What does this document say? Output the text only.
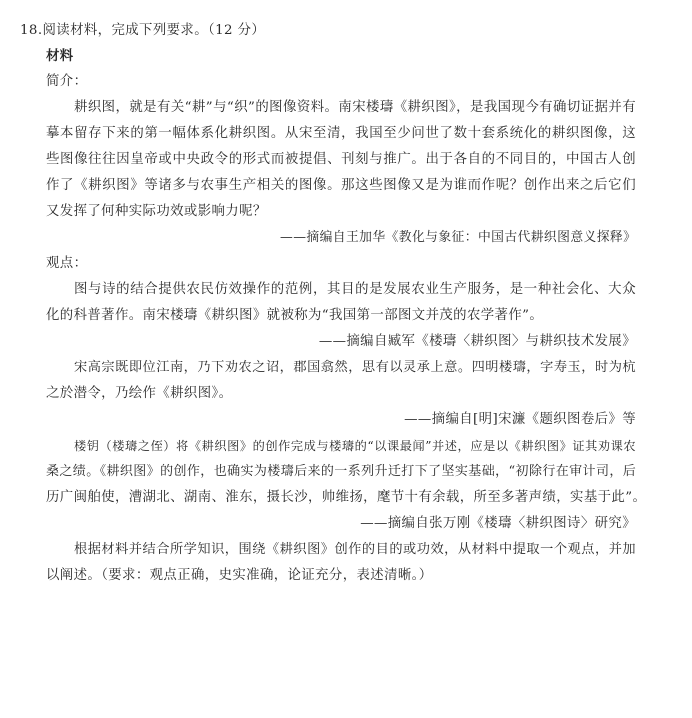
18.阅读材料，完成下列要求。（12 分）
材料
简介：
耕织图，就是有关“耕”与“织”的图像资料。南宋楼璹《耕织图》，是我国现今有确切证据并有
摹本留存下来的第一幅体系化耕织图。从宋至清，我国至少问世了数十套系统化的耕织图像，这
些图像往往因皇帝或中央政令的形式而被提倡、刊刻与推广。出于各自的不同目的，中国古人创
作了《耕织图》等诸多与农事生产相关的图像。那这些图像又是为谁而作呢？创作出来之后它们
又发挥了何种实际功效或影响力呢？
——摘编自王加华《教化与象征：中国古代耕织图意义探释》
观点：
图与诗的结合提供农民仿效操作的范例，其目的是发展农业生产服务，是一种社会化、大众
化的科普著作。南宋楼璹《耕织图》就被称为“我国第一部图文并茂的农学著作”。
——摘编自臧军《楼璹〈耕织图〉与耕织技术发展》
宋高宗既即位江南，乃下劝农之诏，郡国翕然，思有以灵承上意。四明楼璹，字寿玉，时为杭
之於潜令，乃绘作《耕织图》。
——摘编自[明]宋濂《题织图卷后》等
楼钥（楼璹之侄）将《耕织图》的创作完成与楼璹的“以课最闻”并述，应是以《耕织图》证其劝课农
桑之绩。《耕织图》的创作，也确实为楼璹后来的一系列升迁打下了坚实基础，“初除行在审计司，后
历广闽舶使，漕湖北、湖南、淮东，摄长沙，帅维扬，麾节十有余载，所至多著声绩，实基于此”。
——摘编自张万刚《楼璹〈耕织图诗〉研究》
根据材料并结合所学知识，围绕《耕织图》创作的目的或功效，从材料中提取一个观点，并加
以阐述。（要求：观点正确，史实准确，论证充分，表述清晰。）
